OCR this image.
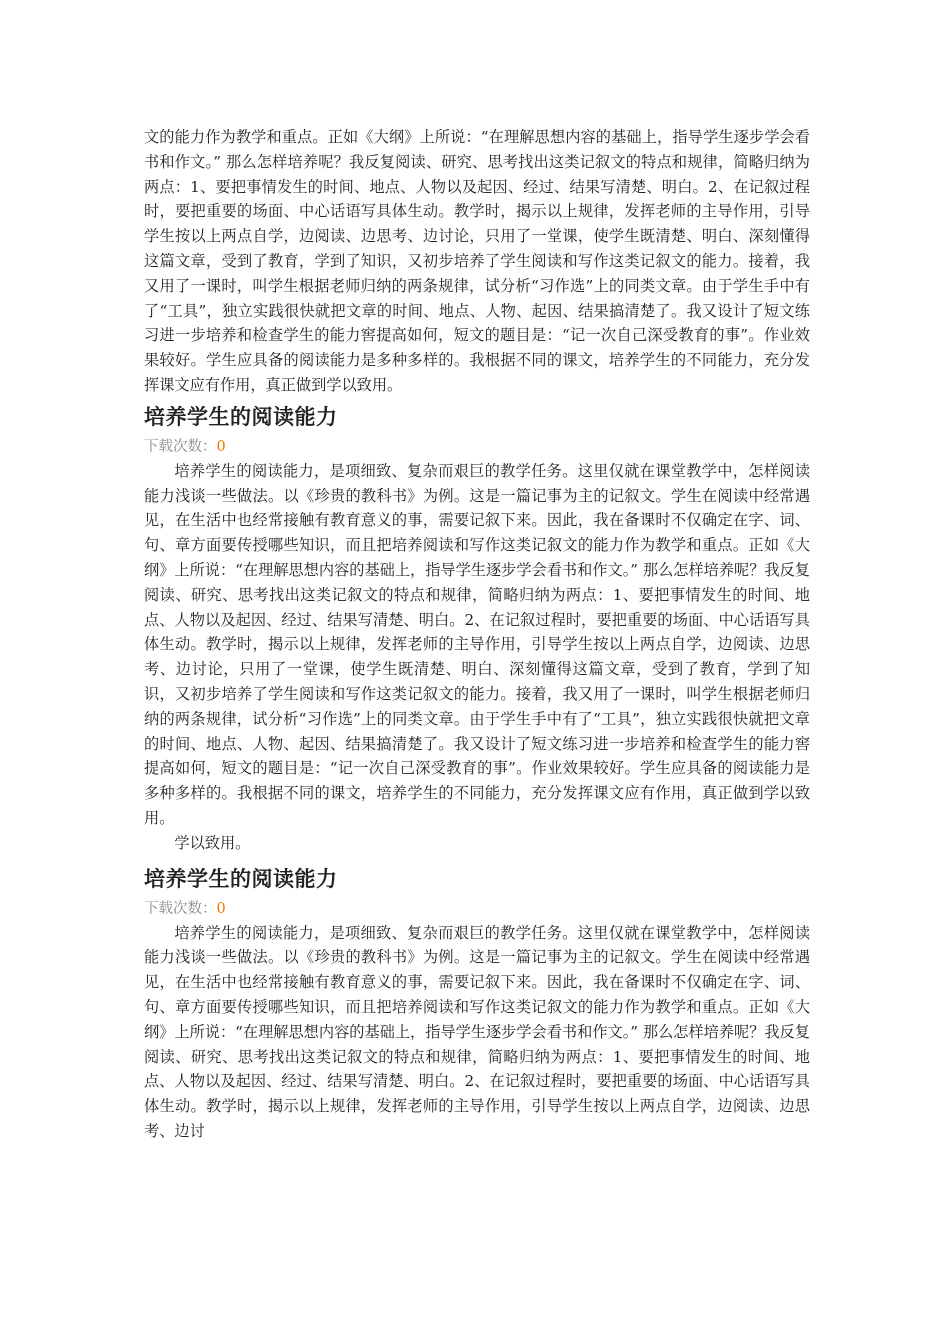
文的能力作为教学和重点。正如《大纲》上所说：“在理解思想内容的基础上，指导学生逐步学会看书和作文。” 那么怎样培养呢？我反复阅读、研究、思考找出这类记叙文的特点和规律，简略归纳为两点：1、要把事情发生的时间、地点、人物以及起因、经过、结果写清楚、明白。2、在记叙过程时，要把重要的场面、中心话语写具体生动。教学时，揭示以上规律，发挥老师的主导作用，引导学生按以上两点自学，边阅读、边思考、边讨论，只用了一堂课，使学生既清楚、明白、深刻懂得这篇文章，受到了教育，学到了知识，又初步培养了学生阅读和写作这类记叙文的能力。接着，我又用了一课时，叫学生根据老师归纳的两条规律，试分析“习作选”上的同类文章。由于学生手中有了“工具”，独立实践很快就把文章的时间、地点、人物、起因、结果搞清楚了。我又设计了短文练习进一步培养和检查学生的能力窖提高如何，短文的题目是：“记一次自己深受教育的事”。作业效果较好。学生应具备的阅读能力是多种多样的。我根据不同的课文，培养学生的不同能力，充分发挥课文应有作用，真正做到学以致用。

培养学生的阅读能力
下载次数：0

培养学生的阅读能力，是项细致、复杂而艰巨的教学任务。这里仅就在课堂教学中，怎样阅读能力浅谈一些做法。以《珍贵的教科书》为例。这是一篇记事为主的记叙文。学生在阅读中经常遇见，在生活中也经常接触有教育意义的事，需要记叙下来。因此，我在备课时不仅确定在字、词、句、章方面要传授哪些知识，而且把培养阅读和写作这类记叙文的能力作为教学和重点。正如《大纲》上所说：“在理解思想内容的基础上，指导学生逐步学会看书和作文。” 那么怎样培养呢？我反复阅读、研究、思考找出这类记叙文的特点和规律，简略归纳为两点：1、要把事情发生的时间、地点、人物以及起因、经过、结果写清楚、明白。2、在记叙过程时，要把重要的场面、中心话语写具体生动。教学时，揭示以上规律，发挥老师的主导作用，引导学生按以上两点自学，边阅读、边思考、边讨论，只用了一堂课，使学生既清楚、明白、深刻懂得这篇文章，受到了教育，学到了知识，又初步培养了学生阅读和写作这类记叙文的能力。接着，我又用了一课时，叫学生根据老师归纳的两条规律，试分析“习作选”上的同类文章。由于学生手中有了“工具”，独立实践很快就把文章的时间、地点、人物、起因、结果搞清楚了。我又设计了短文练习进一步培养和检查学生的能力窖提高如何，短文的题目是：“记一次自己深受教育的事”。作业效果较好。学生应具备的阅读能力是多种多样的。我根据不同的课文，培养学生的不同能力，充分发挥课文应有作用，真正做到学以致用。

学以致用。

培养学生的阅读能力
下载次数：0

培养学生的阅读能力，是项细致、复杂而艰巨的教学任务。这里仅就在课堂教学中，怎样阅读能力浅谈一些做法。以《珍贵的教科书》为例。这是一篇记事为主的记叙文。学生在阅读中经常遇见，在生活中也经常接触有教育意义的事，需要记叙下来。因此，我在备课时不仅确定在字、词、句、章方面要传授哪些知识，而且把培养阅读和写作这类记叙文的能力作为教学和重点。正如《大纲》上所说：“在理解思想内容的基础上，指导学生逐步学会看书和作文。” 那么怎样培养呢？我反复阅读、研究、思考找出这类记叙文的特点和规律，简略归纳为两点：1、要把事情发生的时间、地点、人物以及起因、经过、结果写清楚、明白。2、在记叙过程时，要把重要的场面、中心话语写具体生动。教学时，揭示以上规律，发挥老师的主导作用，引导学生按以上两点自学，边阅读、边思考、边讨
